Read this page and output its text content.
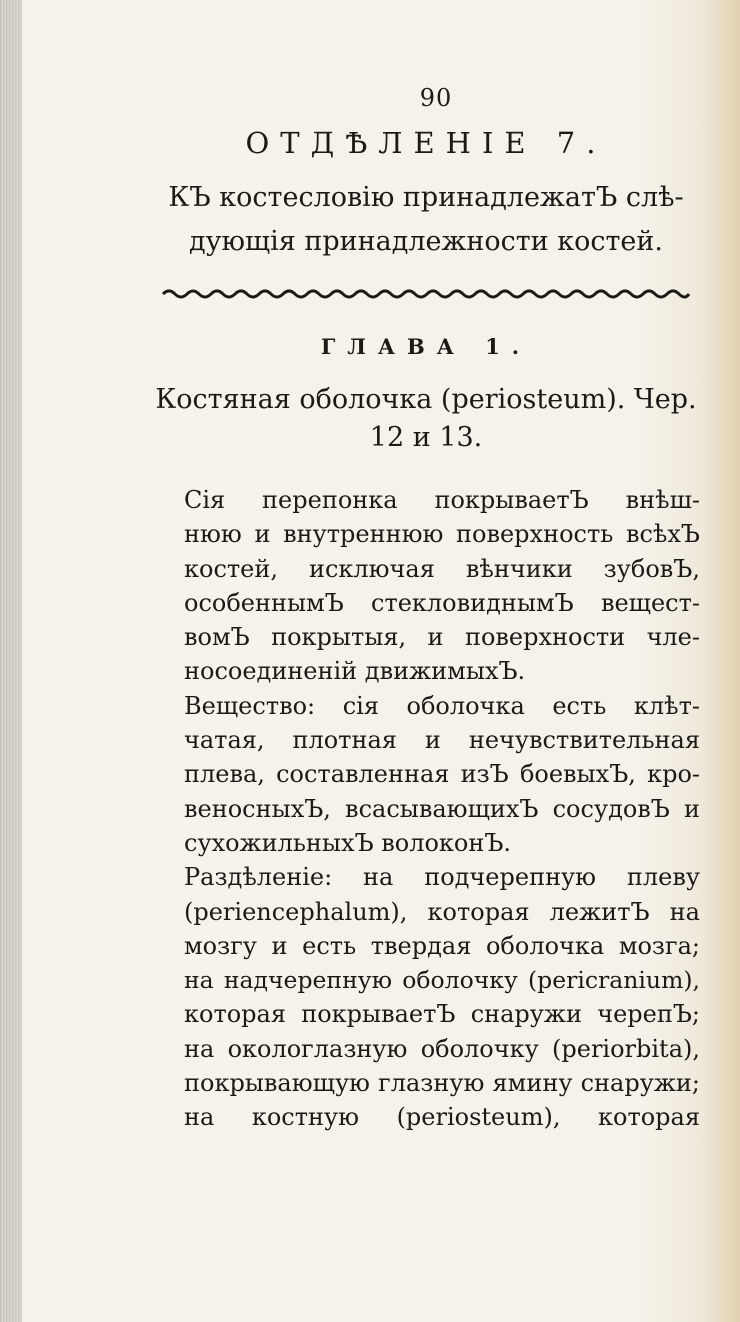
90
ОТДѢЛЕНІЕ 7.
КЪ костесловію принадлежатЪ слѣ-
дующія принадлежности костей.
ГЛАВА 1.
Костяная оболочка (periosteum). Чер.
12 и 13.
Сія перепонка покрываетЪ внѣш-
нюю и внутреннюю поверхность всѣхЪ
костей, исключая вѣнчики зубовЪ,
особеннымЪ стекловиднымЪ вещест-
вомЪ покрытыя, и поверхности чле-
носоединеній движимыхЪ.
Вещество: сія оболочка есть клѣт-
чатая, плотная и нечувствительная
плева, составленная изЪ боевыхЪ, кро-
веносныхЪ, всасывающихЪ сосудовЪ и
сухожильныхЪ волоконЪ.
Раздѣленіе: на подчерепную плеву
(periencephalum), которая лежитЪ на
мозгу и есть твердая оболочка мозга;
на надчерепную оболочку (pericranium),
которая покрываетЪ снаружи черепЪ;
на окологлазную оболочку (periorbita),
покрывающую глазную ямину снаружи;
на костную (periosteum), которая
